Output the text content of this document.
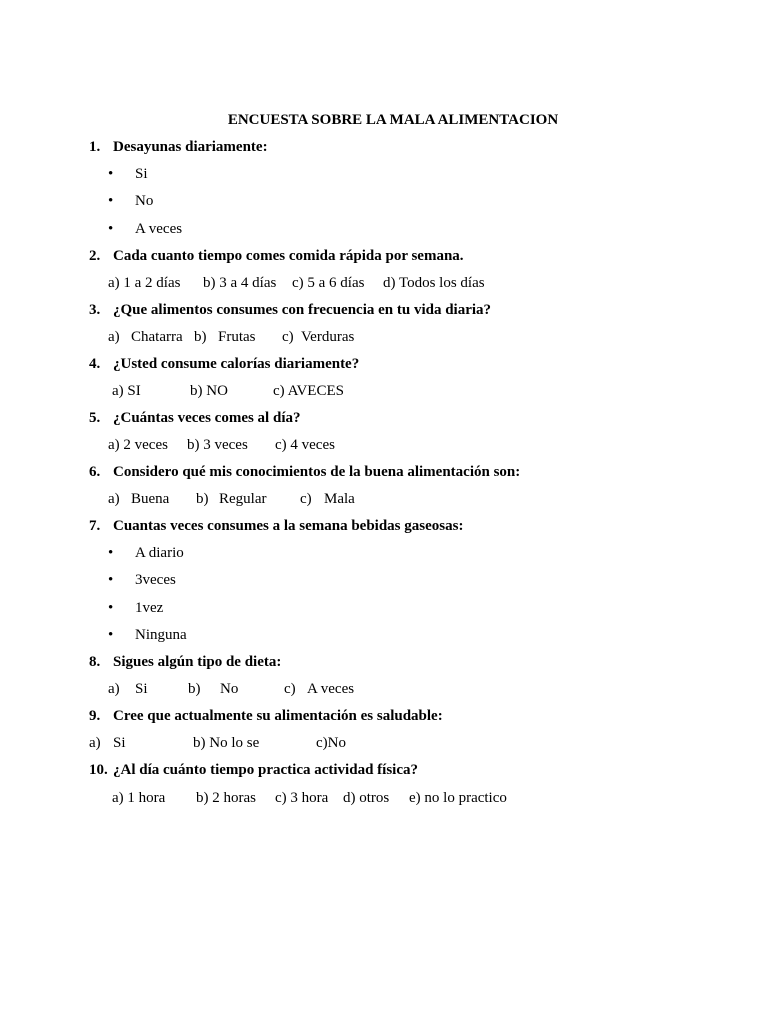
ENCUESTA SOBRE LA MALA ALIMENTACION
1. Desayunas diariamente:
• Si
• No
• A veces
2. Cada cuanto tiempo comes comida rápida por semana.
a) 1 a 2 días b) 3 a 4 días c) 5 a 6 días d) Todos los días
3. ¿Que alimentos consumes con frecuencia en tu vida diaria?
a) Chatarra b) Frutas c) Verduras
4. ¿Usted consume calorías diariamente?
a) SI	b) NO	c) AVECES
5. ¿Cuántas veces comes al día?
a) 2 veces b) 3 veces c) 4 veces
6. Considero qué mis conocimientos de la buena alimentación son:
a) Buena b) Regular c) Mala
7. Cuantas veces consumes a la semana bebidas gaseosas:
• A diario
• 3veces
• 1vez
• Ninguna
8. Sigues algún tipo de dieta:
a) Si	b) No	c) A veces
9. Cree que actualmente su alimentación es saludable:
a) Si	b) No lo se	c)No
10. ¿Al día cuánto tiempo practica actividad física?
a) 1 hora b) 2 horas c) 3 hora d) otros e) no lo practico
